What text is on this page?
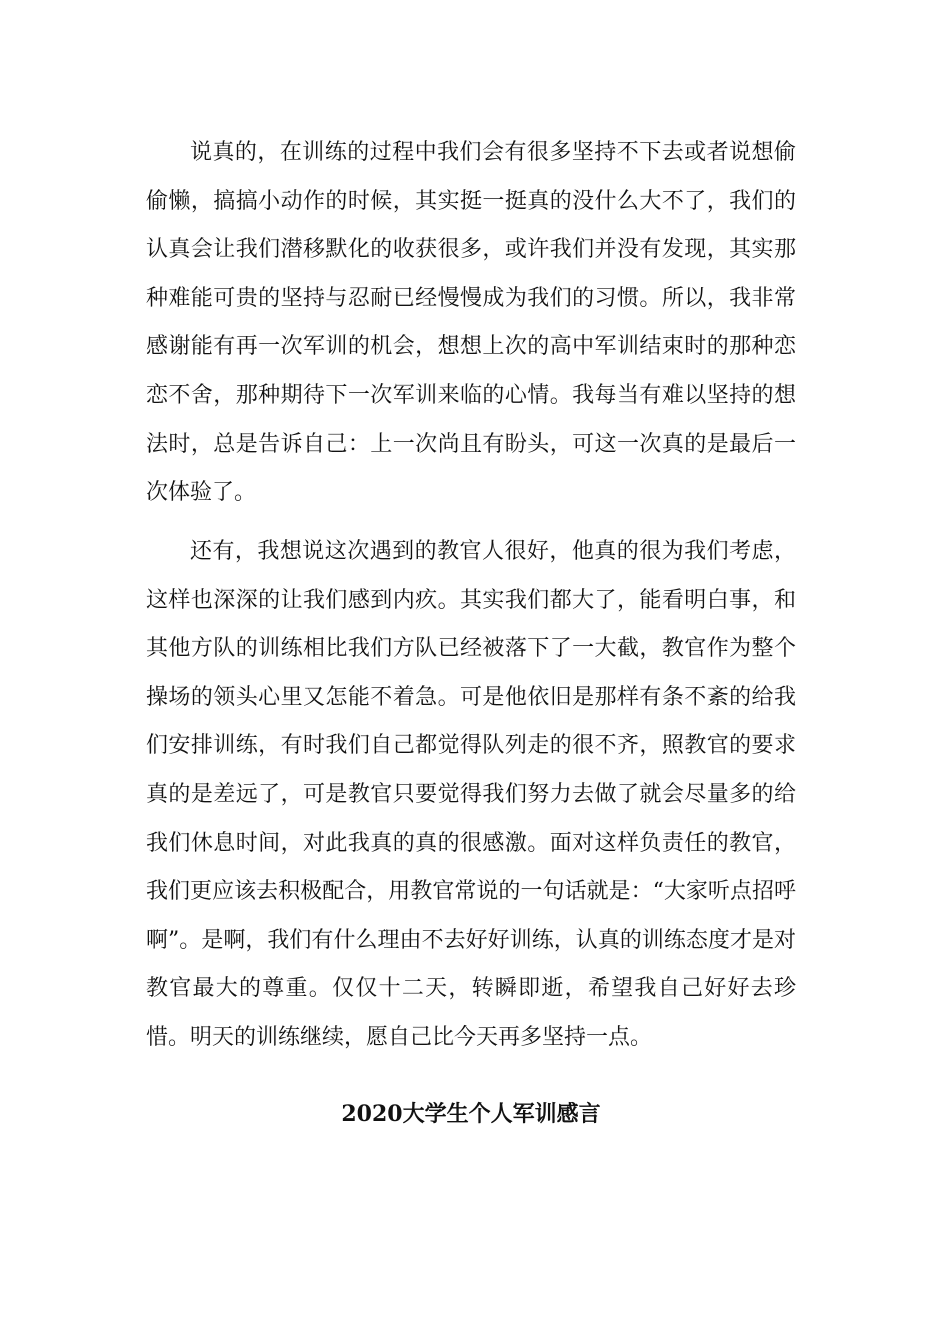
说真的，在训练的过程中我们会有很多坚持不下去或者说想偷偷懒，搞搞小动作的时候，其实挺一挺真的没什么大不了，我们的认真会让我们潜移默化的收获很多，或许我们并没有发现，其实那种难能可贵的坚持与忍耐已经慢慢成为我们的习惯。所以，我非常感谢能有再一次军训的机会，想想上次的高中军训结束时的那种恋恋不舍，那种期待下一次军训来临的心情。我每当有难以坚持的想法时，总是告诉自己：上一次尚且有盼头，可这一次真的是最后一次体验了。

还有，我想说这次遇到的教官人很好，他真的很为我们考虑，这样也深深的让我们感到内疚。其实我们都大了，能看明白事，和其他方队的训练相比我们方队已经被落下了一大截，教官作为整个操场的领头心里又怎能不着急。可是他依旧是那样有条不紊的给我们安排训练，有时我们自己都觉得队列走的很不齐，照教官的要求真的是差远了，可是教官只要觉得我们努力去做了就会尽量多的给我们休息时间，对此我真的真的很感激。面对这样负责任的教官，我们更应该去积极配合，用教官常说的一句话就是：“大家听点招呼啊”。是啊，我们有什么理由不去好好训练，认真的训练态度才是对教官最大的尊重。仅仅十二天，转瞬即逝，希望我自己好好去珍惜。明天的训练继续，愿自己比今天再多坚持一点。

2020大学生个人军训感言
